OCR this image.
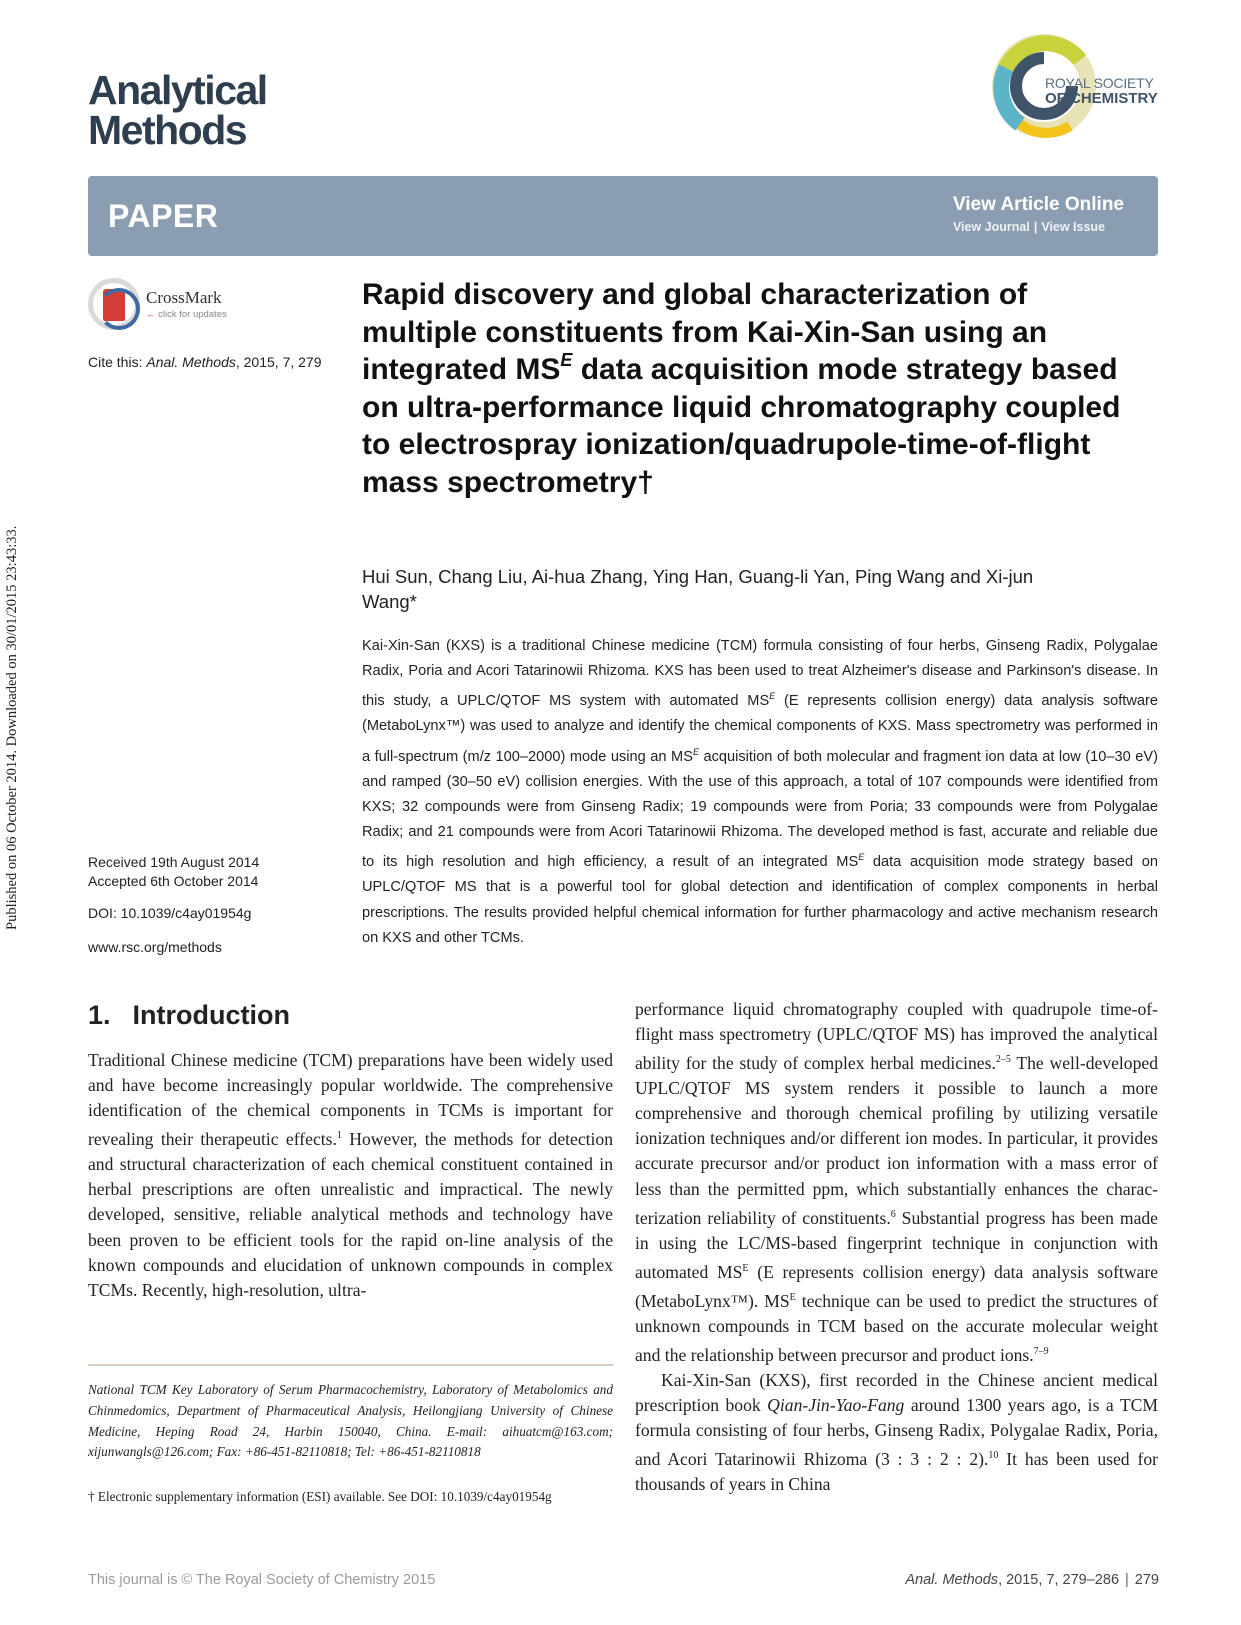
Published on 06 October 2014. Downloaded on 30/01/2015 23:43:33.
Analytical
Methods
ROYAL SOCIETY
OF CHEMISTRY
PAPER	View Article Online
View Journal | View Issue
CrossMark
← click for updates
Cite this: Anal. Methods, 2015, 7, 279
Received 19th August 2014
Accepted 6th October 2014
DOI: 10.1039/c4ay01954g
www.rsc.org/methods
Rapid discovery and global characterization of multiple constituents from Kai-Xin-San using an integrated $MS^E$ data acquisition mode strategy based on ultra-performance liquid chromatography coupled to electrospray ionization/quadrupole-time-of-flight mass spectrometry†
Hui Sun, Chang Liu, Ai-hua Zhang, Ying Han, Guang-li Yan, Ping Wang and Xi-jun Wang*
Kai-Xin-San (KXS) is a traditional Chinese medicine (TCM) formula consisting of four herbs, Ginseng Radix, Polygalae Radix, Poria and Acori Tatarinowii Rhizoma. KXS has been used to treat Alzheimer's disease and Parkinson's disease. In this study, a UPLC/QTOF MS system with automated $MS^E$ (E represents collision energy) data analysis software (MetaboLynx™) was used to analyze and identify the chemical components of KXS. Mass spectrometry was performed in a full-spectrum (m/z 100–2000) mode using an $MS^E$ acquisition of both molecular and fragment ion data at low (10–30 eV) and ramped (30–50 eV) collision energies. With the use of this approach, a total of 107 compounds were identified from KXS; 32 compounds were from Ginseng Radix; 19 compounds were from Poria; 33 compounds were from Polygalae Radix; and 21 compounds were from Acori Tatarinowii Rhizoma. The developed method is fast, accurate and reliable due to its high resolution and high efficiency, a result of an integrated $MS^E$ data acquisition mode strategy based on UPLC/QTOF MS that is a powerful tool for global detection and identification of complex components in herbal prescriptions. The results provided helpful chemical information for further pharmacology and active mechanism research on KXS and other TCMs.
1. Introduction

Traditional Chinese medicine (TCM) preparations have been widely used and have become increasingly popular worldwide. The comprehensive identification of the chemical components in TCMs is important for revealing their therapeutic effects.$^1$ However, the methods for detection and structural characterization of each chemical constituent contained in herbal prescriptions are often unrealistic and impractical. The newly developed, sensitive, reliable analytical methods and technology have been proven to be efficient tools for the rapid on-line analysis of the known compounds and elucidation of unknown compounds in complex TCMs. Recently, high-resolution, ultra-

performance liquid chromatography coupled with quadrupole time-of-flight mass spectrometry (UPLC/QTOF MS) has improved the analytical ability for the study of complex herbal medicines.$^{2-5}$ The well-developed UPLC/QTOF MS system renders it possible to launch a more comprehensive and thorough chemical profiling by utilizing versatile ionization techniques and/or different ion modes. In particular, it provides accurate precursor and/or product ion information with a mass error of less than the permitted ppm, which substantially enhances the characterization reliability of constituents.$^6$ Substantial progress has been made in using the LC/MS-based fingerprint technique in conjunction with automated $MS^E$ (E represents collision energy) data analysis software (MetaboLynx™). $MS^E$ technique can be used to predict the structures of unknown compounds in TCM based on the accurate molecular weight and the relationship between precursor and product ions.$^{7-9}$

Kai-Xin-San (KXS), first recorded in the Chinese ancient medical prescription book Qian-Jin-Yao-Fang around 1300 years ago, is a TCM formula consisting of four herbs, Ginseng Radix, Polygalae Radix, Poria, and Acori Tatarinowii Rhizoma (3 : 3 : 2 : 2).$^{10}$ It has been used for thousands of years in China

National TCM Key Laboratory of Serum Pharmacochemistry, Laboratory of Metabolomics and Chinmedomics, Department of Pharmaceutical Analysis, Heilongjiang University of Chinese Medicine, Heping Road 24, Harbin 150040, China. E-mail: aihuatcm@163.com; xijunwangls@126.com; Fax: +86-451-82110818; Tel: +86-451-82110818
† Electronic supplementary information (ESI) available. See DOI: 10.1039/c4ay01954g
This journal is © The Royal Society of Chemistry 2015	Anal. Methods, 2015, 7, 279–286 | 279
